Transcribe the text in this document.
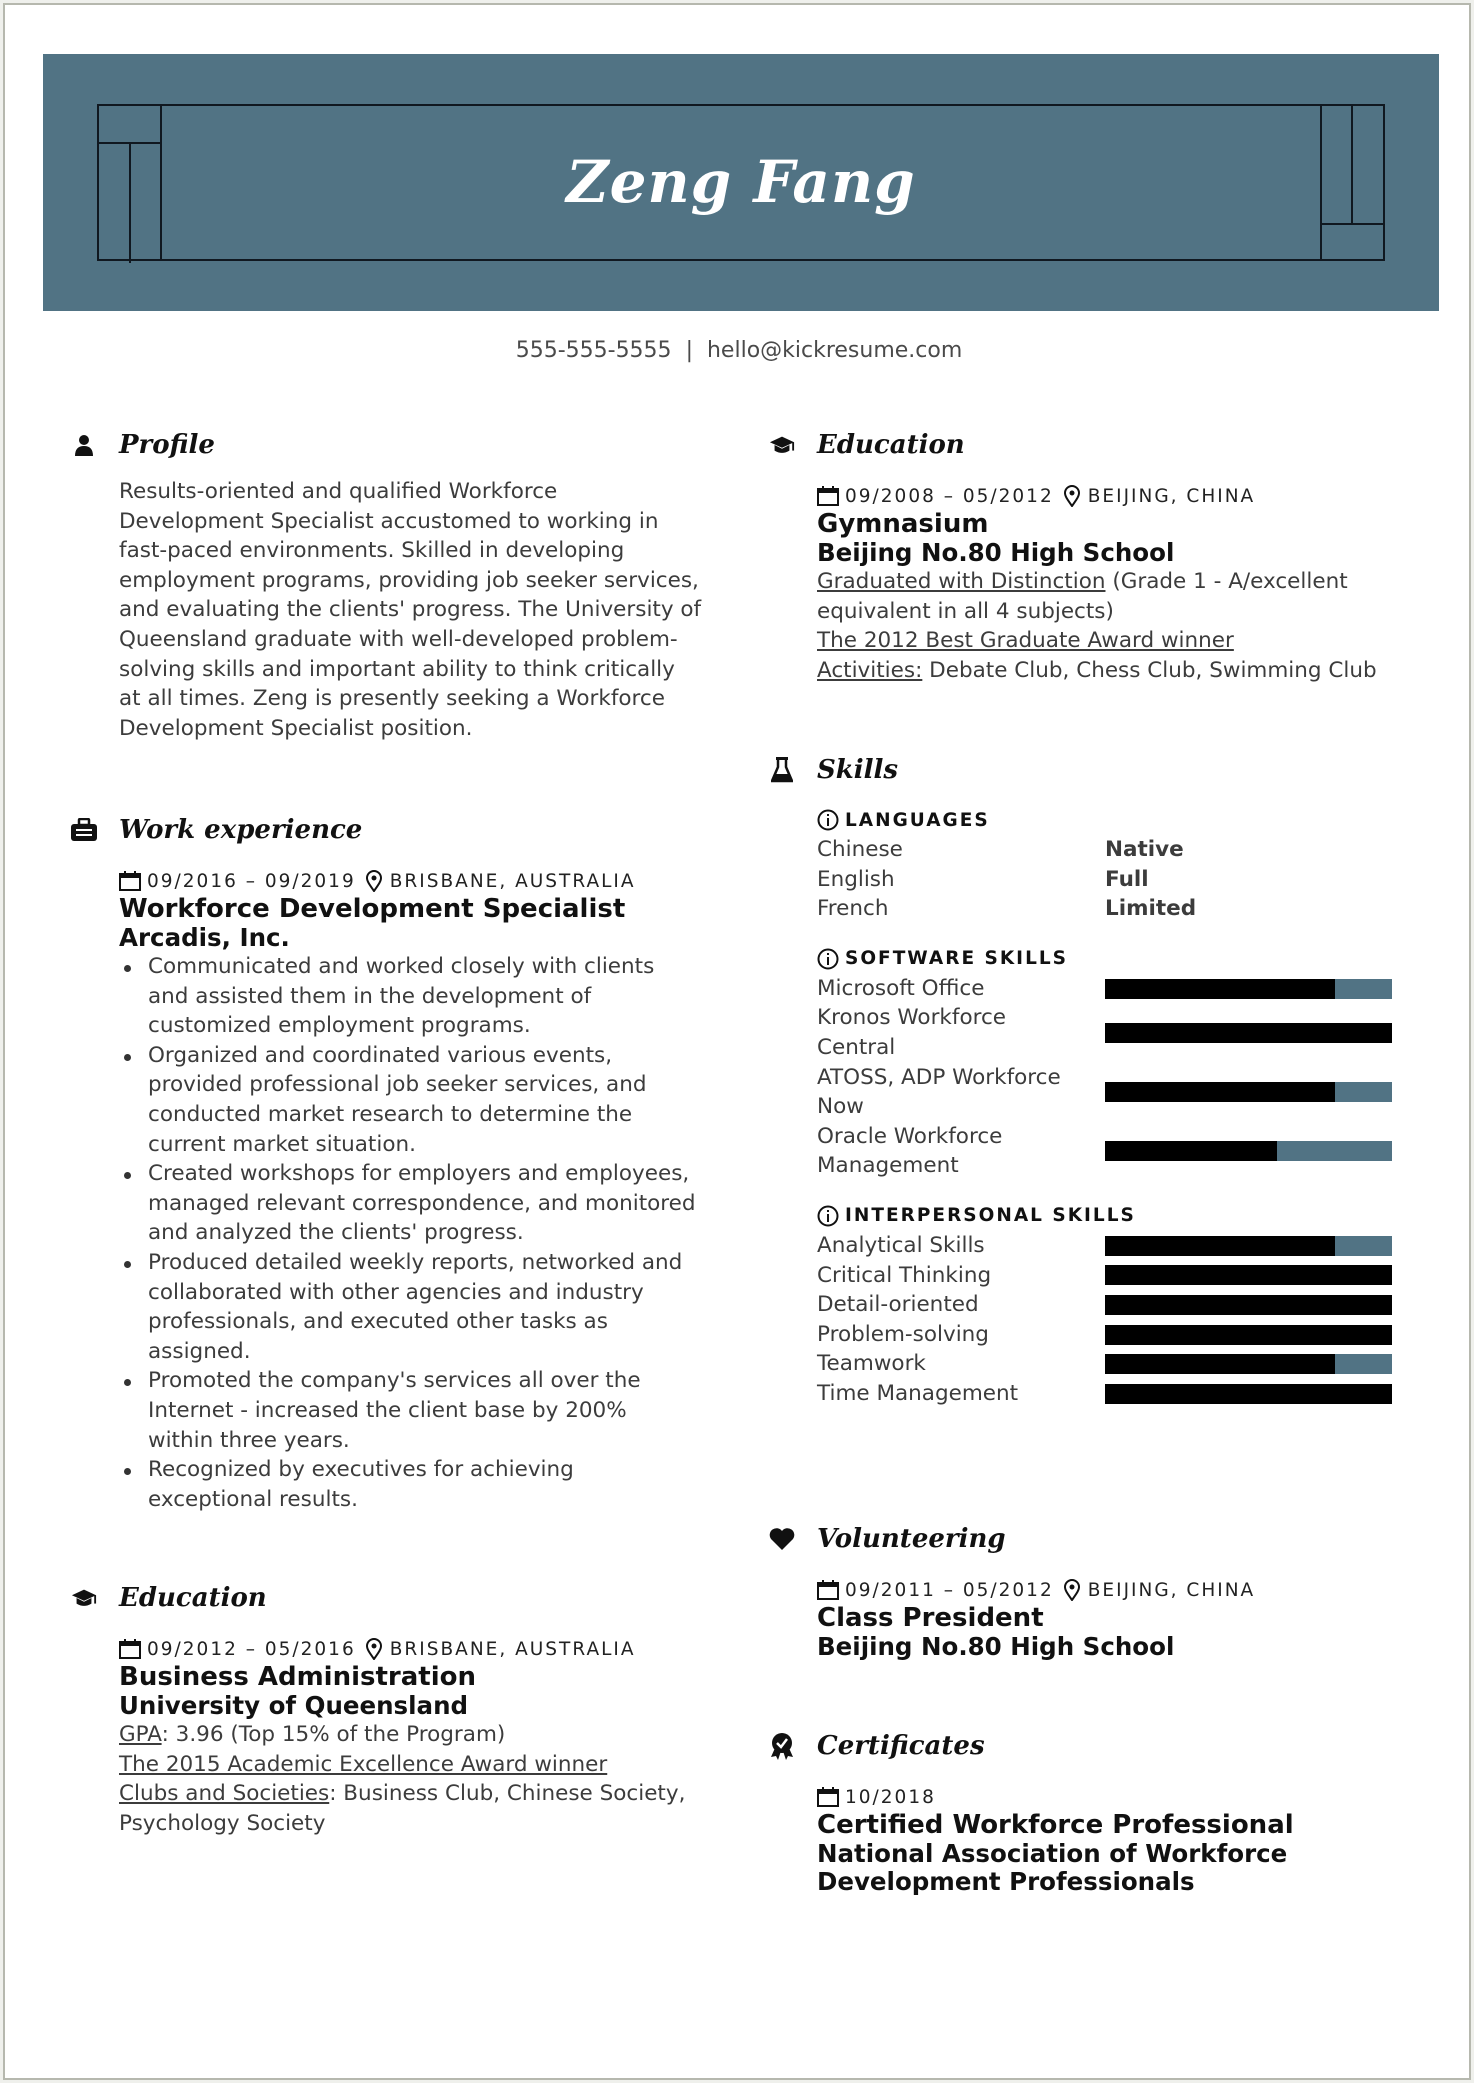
Zeng Fang
555-555-5555 | hello@kickresume.com
Profile
Results-oriented and qualified Workforce
Development Specialist accustomed to working in
fast-paced environments. Skilled in developing
employment programs, providing job seeker services,
and evaluating the clients' progress. The University of
Queensland graduate with well-developed problem-
solving skills and important ability to think critically
at all times. Zeng is presently seeking a Workforce
Development Specialist position.
Work experience
09/2016 – 09/2019 BRISBANE, AUSTRALIA
Workforce Development Specialist
Arcadis, Inc.
Communicated and worked closely with clients
and assisted them in the development of
customized employment programs.
Organized and coordinated various events,
provided professional job seeker services, and
conducted market research to determine the
current market situation.
Created workshops for employers and employees,
managed relevant correspondence, and monitored
and analyzed the clients' progress.
Produced detailed weekly reports, networked and
collaborated with other agencies and industry
professionals, and executed other tasks as
assigned.
Promoted the company's services all over the
Internet - increased the client base by 200%
within three years.
Recognized by executives for achieving
exceptional results.
Education
09/2012 – 05/2016 BRISBANE, AUSTRALIA
Business Administration
University of Queensland
GPA: 3.96 (Top 15% of the Program)
The 2015 Academic Excellence Award winner
Clubs and Societies: Business Club, Chinese Society,
Psychology Society
Education
09/2008 – 05/2012 BEIJING, CHINA
Gymnasium
Beijing No.80 High School
Graduated with Distinction (Grade 1 - A/excellent
equivalent in all 4 subjects)
The 2012 Best Graduate Award winner
Activities: Debate Club, Chess Club, Swimming Club
Skills
LANGUAGES
Chinese	Native
English	Full
French	Limited
SOFTWARE SKILLS
Microsoft Office
Kronos Workforce
Central
ATOSS, ADP Workforce
Now
Oracle Workforce
Management
INTERPERSONAL SKILLS
Analytical Skills
Critical Thinking
Detail-oriented
Problem-solving
Teamwork
Time Management
Volunteering
09/2011 – 05/2012 BEIJING, CHINA
Class President
Beijing No.80 High School
Certificates
10/2018
Certified Workforce Professional
National Association of Workforce
Development Professionals
